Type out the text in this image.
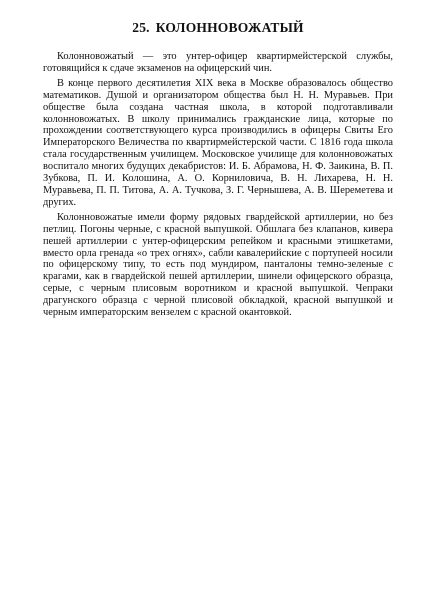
25. КОЛОННОВОЖАТЫЙ

Колонновожатый — это унтер-офицер квартирмейстерской службы, готовящийся к сдаче экзаменов на офицерский чин.

В конце первого десятилетия XIX века в Москве образовалось общество математиков. Душой и организатором общества был Н. Н. Муравьев. При обществе была создана частная школа, в которой подготавливали колонновожатых. В школу принимались гражданские лица, которые по прохождении соответствующего курса производились в офицеры Свиты Его Императорского Величества по квартирмейстерской части. С 1816 года школа стала государственным училищем. Московское училище для колонновожатых воспитало многих будущих декабристов: И. Б. Абрамова, Н. Ф. Заикина, В. П. Зубкова, П. И. Колошина, А. О. Корниловича, В. Н. Лихарева, Н. Н. Муравьева, П. П. Титова, А. А. Тучкова, З. Г. Чернышева, А. В. Шереметева и других.

Колонновожатые имели форму рядовых гвардейской артиллерии, но без петлиц. Погоны черные, с красной выпушкой. Обшлага без клапанов, кивера пешей артиллерии с унтер-офицерским репейком и красными этишкетами, вместо орла гренада «о трех огнях», сабли кавалерийские с портупеей носили по офицерскому типу, то есть под мундиром, панталоны темно-зеленые с крагами, как в гвардейской пешей артиллерии, шинели офицерского образца, серые, с черным плисовым воротником и красной выпушкой. Чепраки драгунского образца с черной плисовой обкладкой, красной выпушкой и черным императорским вензелем с красной окантовкой.
